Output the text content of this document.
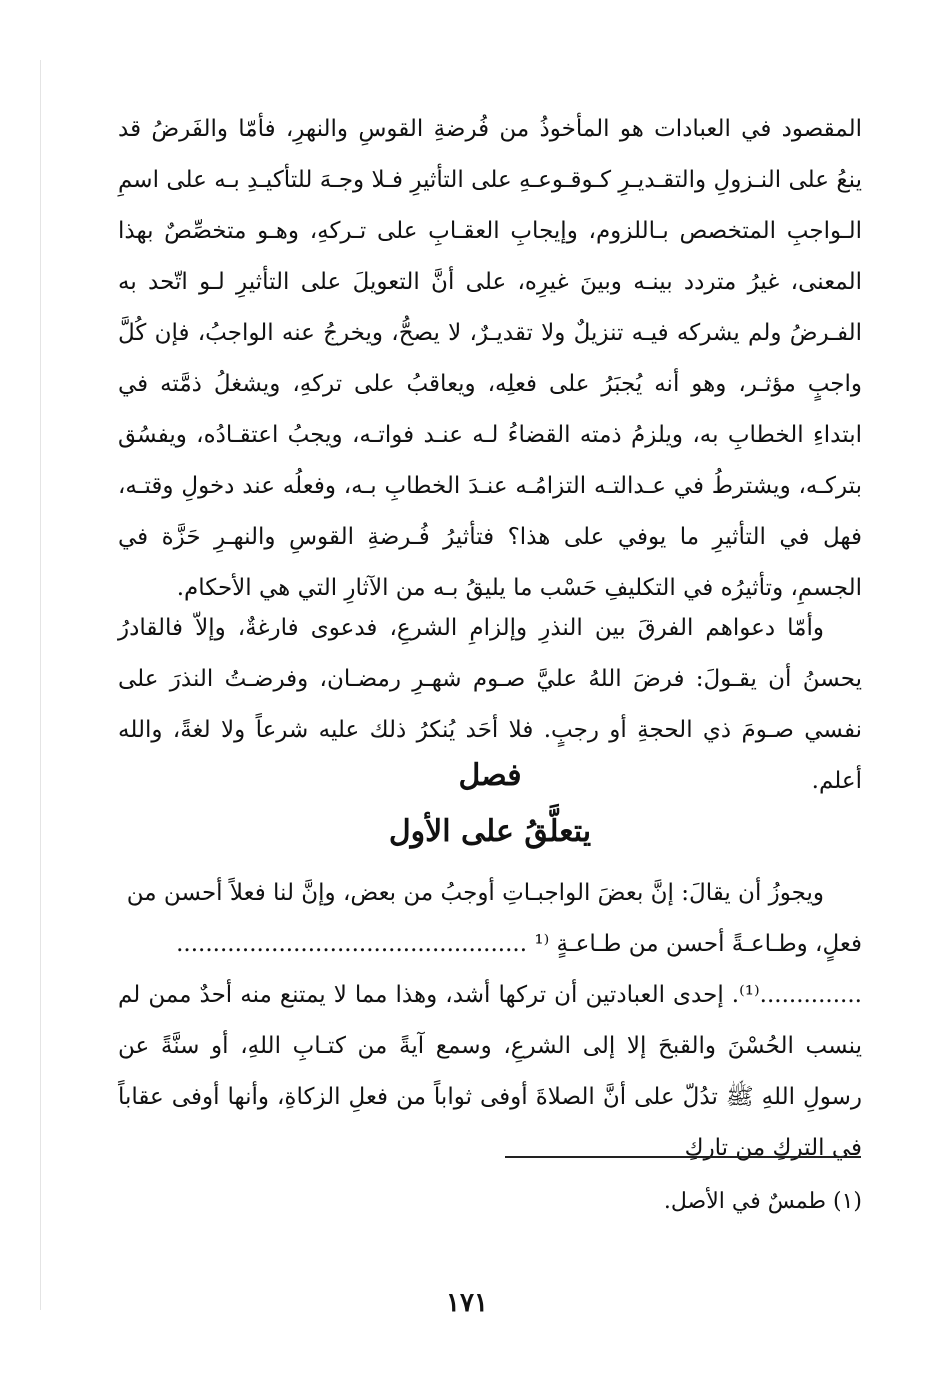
المقصود في العبادات هو المأخوذُ من فُرضةِ القوسِ والنهرِ، فأمّا والفَرضُ قد ينعُ على النـزولِ والتقـديـرِ كـوقـوعـهِ على التأثيرِ فـلا وجـهَ للتأكيـدِ بـه على اسمِ الـواجبِ المتخصص بـاللزوم، وإيجابِ العقـابِ على تـركهِ، وهـو متخصِّصٌ بهذا المعنى، غيرُ متردد بينـه وبينَ غيرِه، على أنَّ التعويلَ على التأثيرِ لـو اتّحد به الفـرضُ ولم يشركه فيـه تنزيلٌ ولا تقديـرٌ، لا يصحُّ، ويخرجُ عنه الواجبُ، فإن كُلَّ واجبٍ مؤثـر، وهو أنه يُجبَرُ على فعلِه، ويعاقبُ على تركهِ، ويشغلُ ذمَّته في ابتداءِ الخطابِ به، ويلزمُ ذمته القضاءُ لـه عنـد فواتـه، ويجبُ اعتقـادُه، ويفسُق بتركـه، ويشترطُ في عـدالتـه التزامُـه عنـدَ الخطابِ بـه، وفعلُه عند دخولِ وقتـه، فهل في التأثيرِ ما يوفي على هذا؟ فتأثيرُ فُـرضةِ القوسِ والنهـرِ حَزَّة في الجسمِ، وتأثيرُه في التكليفِ حَسْب ما يليقُ بـه من الآثارِ التي هي الأحكام.

وأمّا دعواهم الفرقَ بين النذرِ وإلزامِ الشرعِ، فدعوى فارغةٌ، وإلاّ فالقادرُ يحسنُ أن يقـولَ: فرضَ اللهُ عليَّ صـوم شهـرِ رمضـان، وفرضـتُ النذرَ على نفسي صـومَ ذي الحجةِ أو رجبٍ. فلا أحَد يُنكرُ ذلك عليه شرعاً ولا لغةً، والله أعلم.

فصل
يتعلَّقُ على الأول

ويجوزُ أن يقالَ: إنَّ بعضَ الواجبـاتِ أوجبُ من بعض، وإنَّ لنا فعلاً أحسن من

فعلٍ، وطـاعـةً أحسن من طـاعـةٍ ⁽¹ ................................................

..............⁽¹⁾. إحدى العبادتين أن تركها أشد، وهذا مما لا يمتنع منه أحدٌ ممن لم ينسب الحُسْنَ والقبحَ إلا إلى الشرعِ، وسمع آيةً من كتـابِ اللهِ، أو سنَّةً عن رسولِ اللهِ ﷺ تدُلّ على أنَّ الصلاةَ أوفى ثواباً من فعلِ الزكاةِ، وأنها أوفى عقاباً في التركِ من تاركِ

(١) طمسٌ في الأصل.
١٧١
